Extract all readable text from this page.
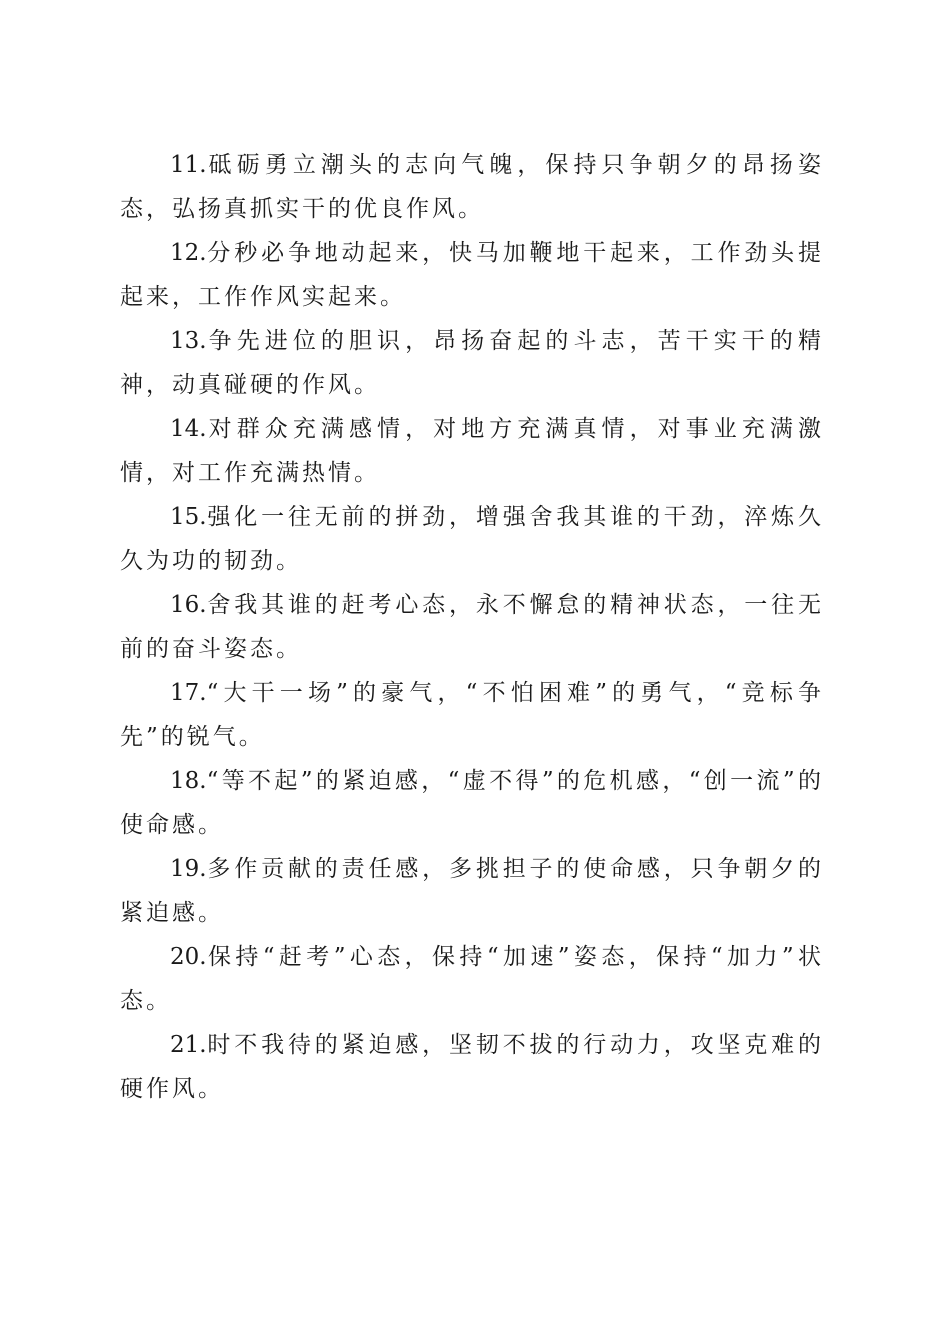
11.砥砺勇立潮头的志向气魄，保持只争朝夕的昂扬姿态，弘扬真抓实干的优良作风。

12.分秒必争地动起来，快马加鞭地干起来，工作劲头提起来，工作作风实起来。

13.争先进位的胆识，昂扬奋起的斗志，苦干实干的精神，动真碰硬的作风。

14.对群众充满感情，对地方充满真情，对事业充满激情，对工作充满热情。

15.强化一往无前的拼劲，增强舍我其谁的干劲，淬炼久久为功的韧劲。

16.舍我其谁的赶考心态，永不懈怠的精神状态，一往无前的奋斗姿态。

17.“大干一场”的豪气，“不怕困难”的勇气，“竞标争先”的锐气。

18.“等不起”的紧迫感，“虚不得”的危机感，“创一流”的使命感。

19.多作贡献的责任感，多挑担子的使命感，只争朝夕的紧迫感。

20.保持“赶考”心态，保持“加速”姿态，保持“加力”状态。

21.时不我待的紧迫感，坚韧不拔的行动力，攻坚克难的硬作风。
